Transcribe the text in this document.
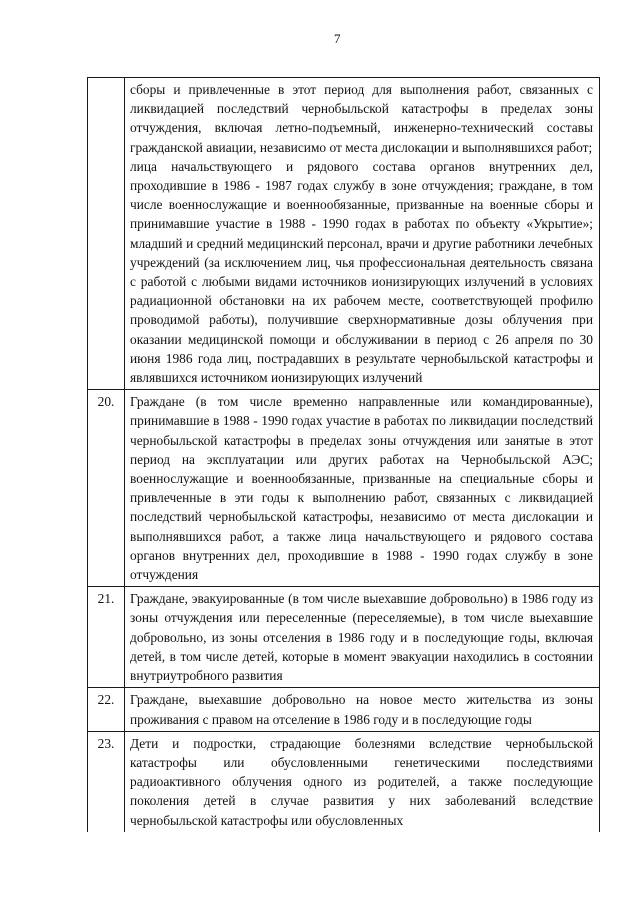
7

	сборы и привлеченные в этот период для выполнения работ, связанных с ликвидацией последствий чернобыльской катастрофы в пределах зоны отчуждения, включая летно-подъемный, инженерно-технический составы гражданской авиации, независимо от места дислокации и выполнявшихся работ;
лица начальствующего и рядового состава органов внутренних дел, проходившие в 1986 - 1987 годах службу в зоне отчуждения; граждане, в том числе военнослужащие и военнообязанные, призванные на военные сборы и принимавшие участие в 1988 - 1990 годах в работах по объекту «Укрытие»; младший и средний медицинский персонал, врачи и другие работники лечебных учреждений (за исключением лиц, чья профессиональная деятельность связана с работой с любыми видами источников ионизирующих излучений в условиях радиационной обстановки на их рабочем месте, соответствующей профилю проводимой работы), получившие сверхнормативные дозы облучения при оказании медицинской помощи и обслуживании в период с 26 апреля по 30 июня 1986 года лиц, пострадавших в результате чернобыльской катастрофы и являвшихся источником ионизирующих излучений

20.	Граждане (в том числе временно направленные или командированные), принимавшие в 1988 - 1990 годах участие в работах по ликвидации последствий чернобыльской катастрофы в пределах зоны отчуждения или занятые в этот период на эксплуатации или других работах на Чернобыльской АЭС; военнослужащие и военнообязанные, призванные на специальные сборы и привлеченные в эти годы к выполнению работ, связанных с ликвидацией последствий чернобыльской катастрофы, независимо от места дислокации и выполнявшихся работ, а также лица начальствующего и рядового состава органов внутренних дел, проходившие в 1988 - 1990 годах службу в зоне отчуждения

21.	Граждане, эвакуированные (в том числе выехавшие добровольно) в 1986 году из зоны отчуждения или переселенные (переселяемые), в том числе выехавшие добровольно, из зоны отселения в 1986 году и в последующие годы, включая детей, в том числе детей, которые в момент эвакуации находились в состоянии внутриутробного развития

22.	Граждане, выехавшие добровольно на новое место жительства из зоны проживания с правом на отселение в 1986 году и в последующие годы

23.	Дети и подростки, страдающие болезнями вследствие чернобыльской катастрофы или обусловленными генетическими последствиями радиоактивного облучения одного из родителей, а также последующие поколения детей в случае развития у них заболеваний вследствие чернобыльской катастрофы или обусловленных
